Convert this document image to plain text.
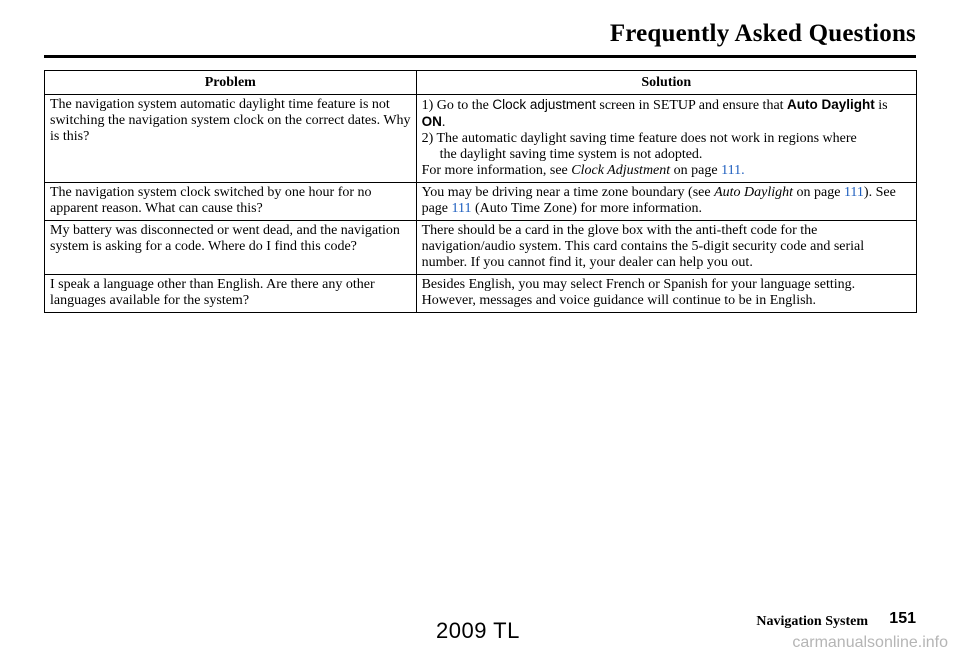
Frequently Asked Questions
Problem	Solution
The navigation system automatic daylight time feature is not switching the navigation system clock on the correct dates. Why is this?	1) Go to the Clock adjustment screen in SETUP and ensure that Auto Daylight is ON.
2) The automatic daylight saving time feature does not work in regions where

the daylight saving time system is not adopted.
For more information, see Clock Adjustment on page 111.
The navigation system clock switched by one hour for no apparent reason. What can cause this?	You may be driving near a time zone boundary (see Auto Daylight on page 111). See page 111 (Auto Time Zone) for more information.
My battery was disconnected or went dead, and the navigation system is asking for a code. Where do I find this code?	There should be a card in the glove box with the anti-theft code for the navigation/audio system. This card contains the 5-digit security code and serial number. If you cannot find it, your dealer can help you out.
I speak a language other than English. Are there any other languages available for the system?	Besides English, you may select French or Spanish for your language setting. However, messages and voice guidance will continue to be in English.
Navigation System 151
2009 TL	carmanualsonline.info
